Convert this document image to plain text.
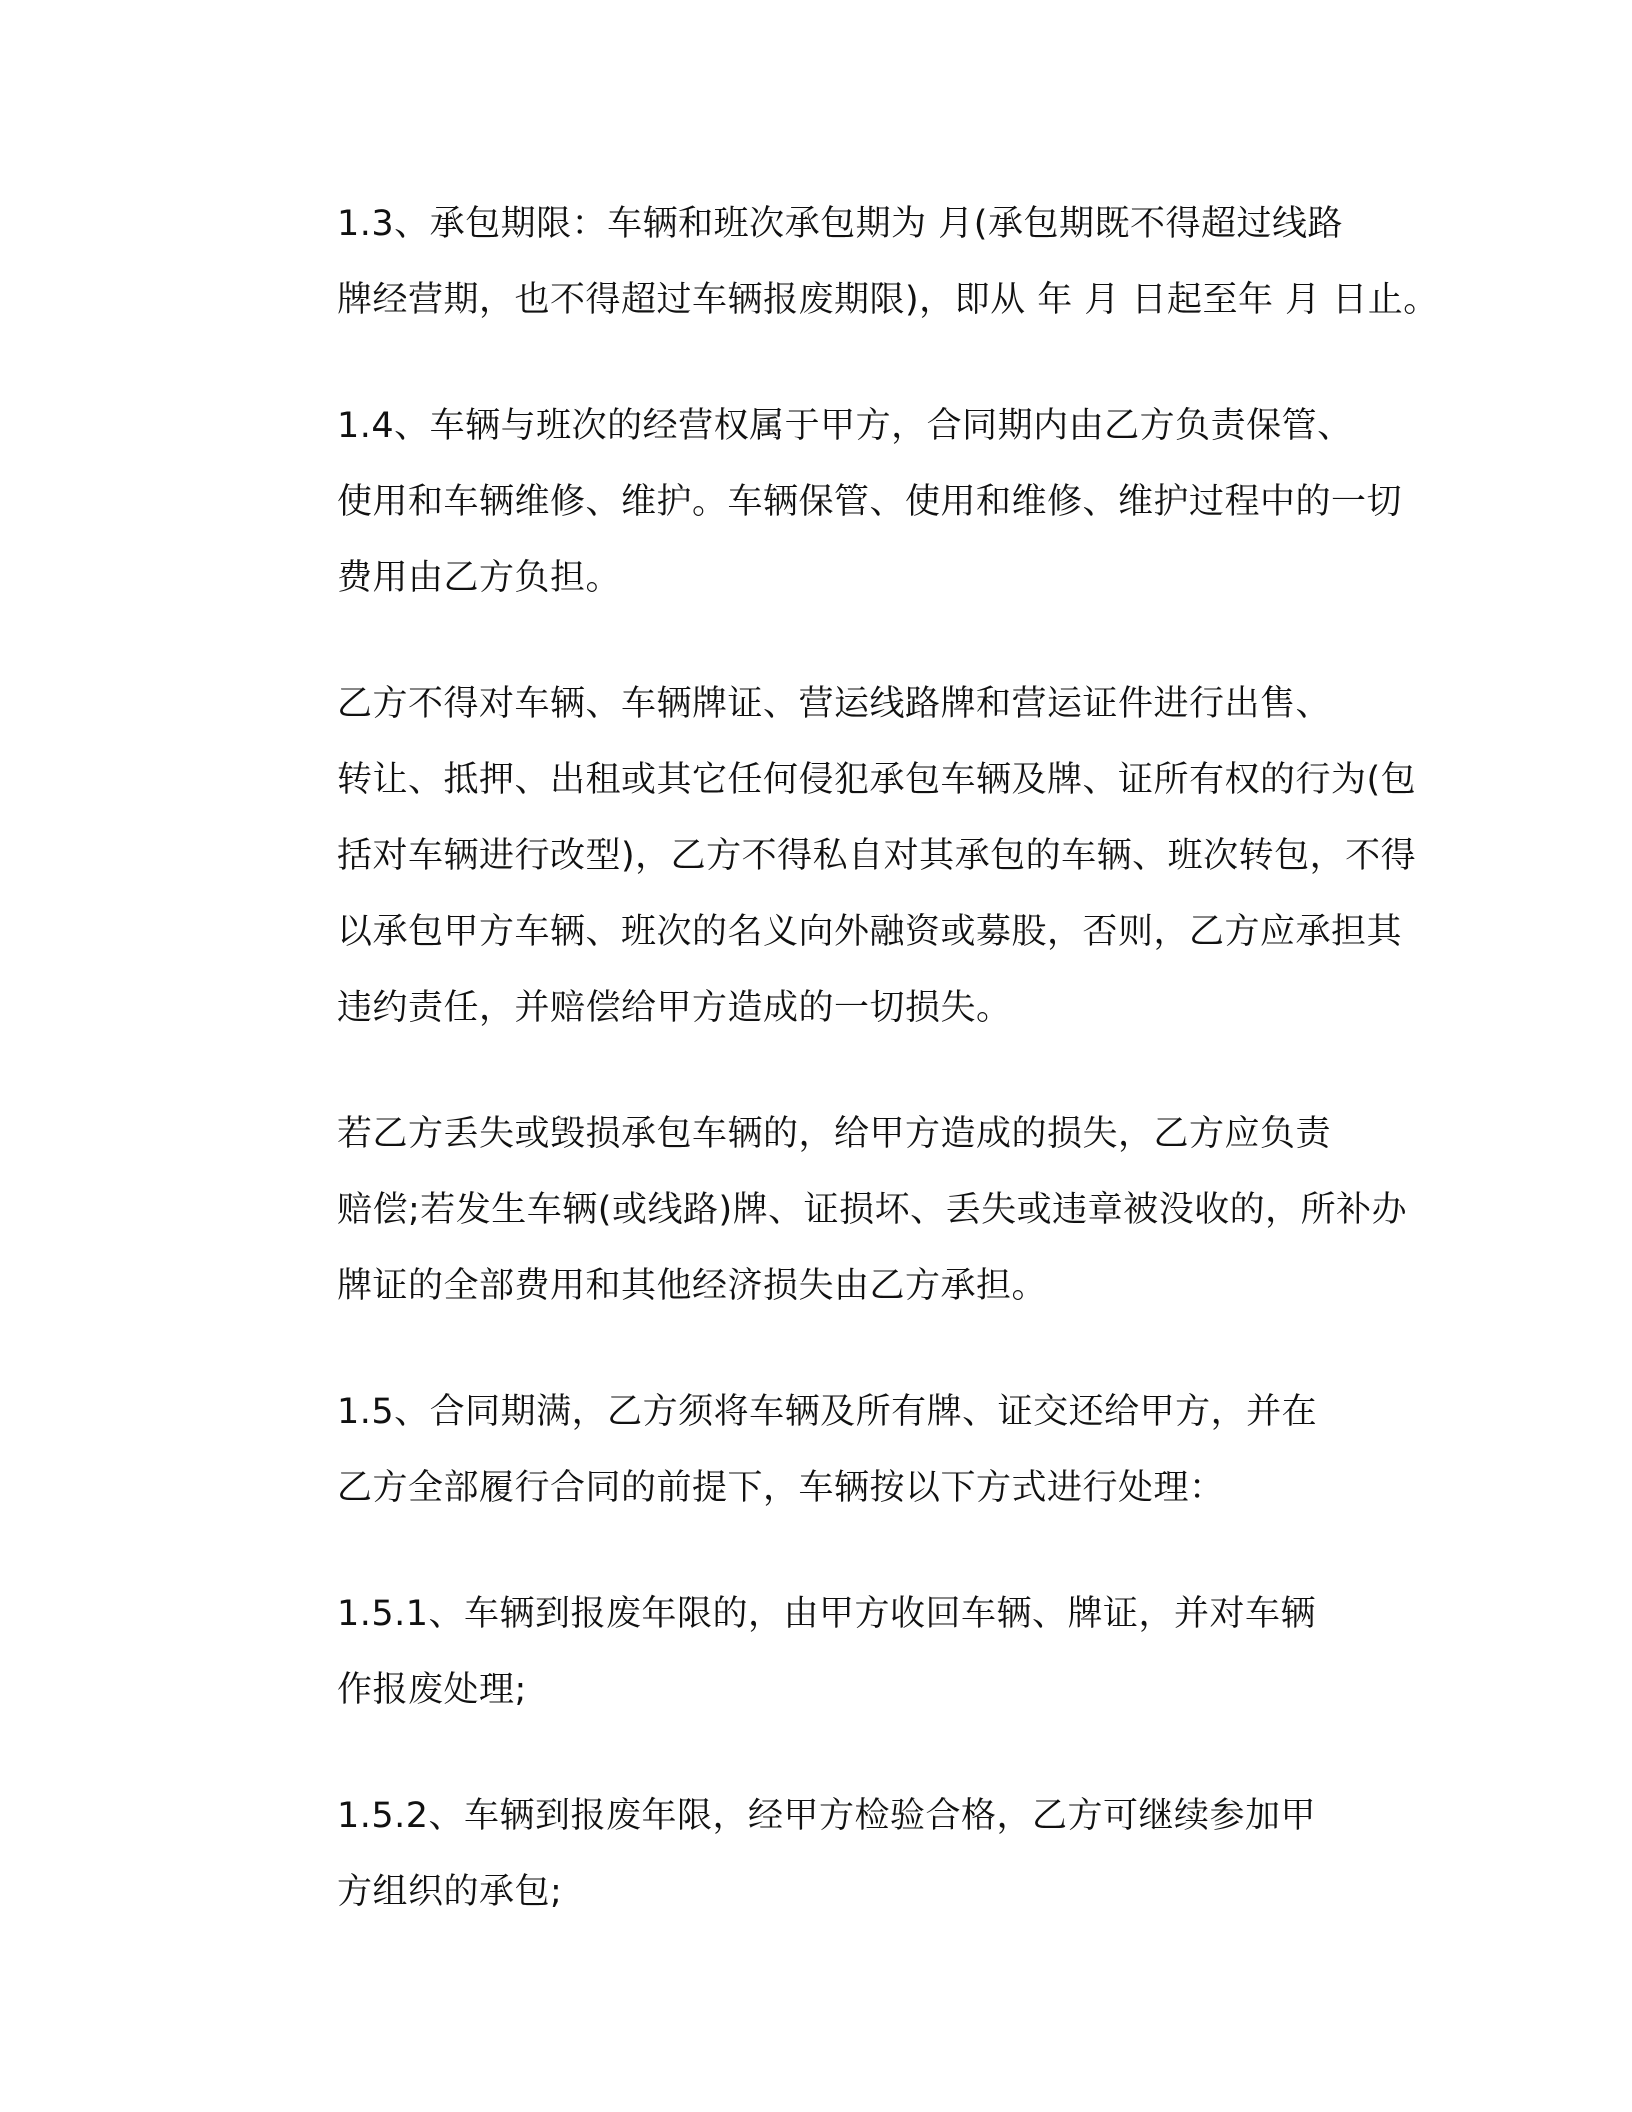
1.3、承包期限：车辆和班次承包期为 月(承包期既不得超过线路
牌经营期，也不得超过车辆报废期限)，即从 年 月 日起至年 月 日止。

1.4、车辆与班次的经营权属于甲方，合同期内由乙方负责保管、
使用和车辆维修、维护。车辆保管、使用和维修、维护过程中的一切
费用由乙方负担。

乙方不得对车辆、车辆牌证、营运线路牌和营运证件进行出售、
转让、抵押、出租或其它任何侵犯承包车辆及牌、证所有权的行为(包
括对车辆进行改型)，乙方不得私自对其承包的车辆、班次转包，不得
以承包甲方车辆、班次的名义向外融资或募股，否则，乙方应承担其
违约责任，并赔偿给甲方造成的一切损失。

若乙方丢失或毁损承包车辆的，给甲方造成的损失，乙方应负责
赔偿;若发生车辆(或线路)牌、证损坏、丢失或违章被没收的，所补办
牌证的全部费用和其他经济损失由乙方承担。

1.5、合同期满，乙方须将车辆及所有牌、证交还给甲方，并在
乙方全部履行合同的前提下，车辆按以下方式进行处理：

1.5.1、车辆到报废年限的，由甲方收回车辆、牌证，并对车辆
作报废处理;

1.5.2、车辆到报废年限，经甲方检验合格，乙方可继续参加甲
方组织的承包;
